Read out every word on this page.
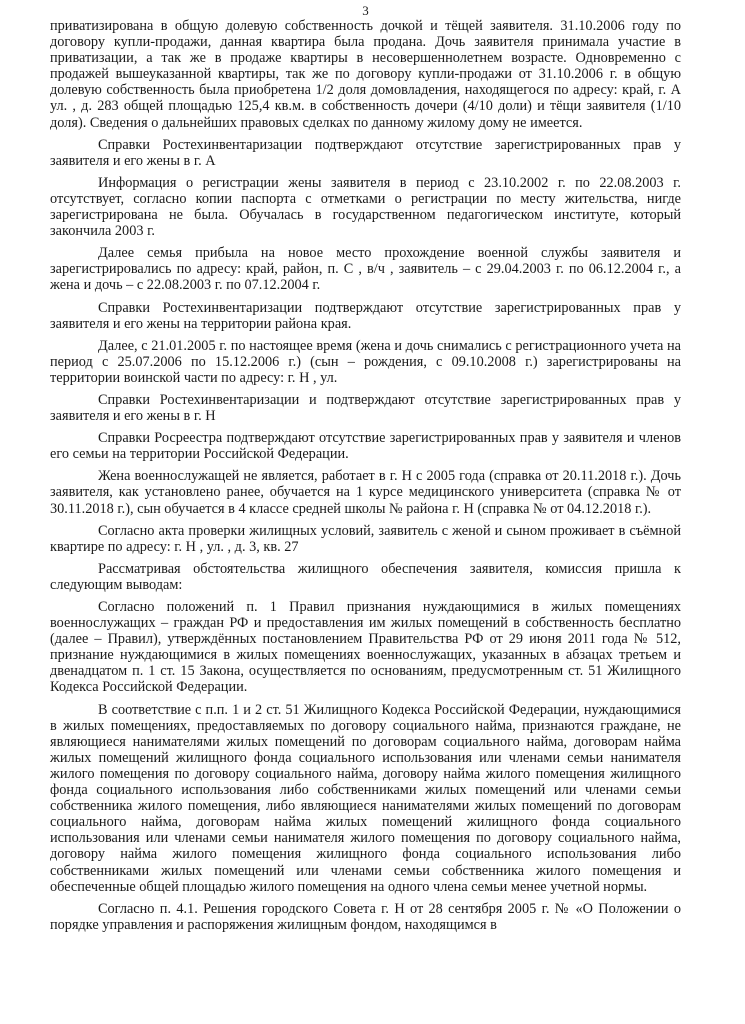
3

приватизирована в общую долевую собственность дочкой и тёщей заявителя. 31.10.2006 году по договору купли-продажи, данная квартира была продана. Дочь заявителя принимала участие в приватизации, а так же в продаже квартиры в несовершеннолетнем возрасте. Одновременно с продажей вышеуказанной квартиры, так же по договору купли-продажи от 31.10.2006 г. в общую долевую собственность была приобретена 1/2 доля домовладения, находящегося по адресу: край, г. А ул. , д. 283 общей площадью 125,4 кв.м. в собственность дочери (4/10 доли) и тёщи заявителя (1/10 доля). Сведения о дальнейших правовых сделках по данному жилому дому не имеется.

Справки Ростехинвентаризации подтверждают отсутствие зарегистрированных прав у заявителя и его жены в г. А

Информация о регистрации жены заявителя в период с 23.10.2002 г. по 22.08.2003 г. отсутствует, согласно копии паспорта с отметками о регистрации по месту жительства, нигде зарегистрирована не была. Обучалась в государственном педагогическом институте, который закончила 2003 г.

Далее семья прибыла на новое место прохождение военной службы заявителя и зарегистрировались по адресу: край, район, п. С , в/ч , заявитель – с 29.04.2003 г. по 06.12.2004 г., а жена и дочь – с 22.08.2003 г. по 07.12.2004 г.

Справки Ростехинвентаризации подтверждают отсутствие зарегистрированных прав у заявителя и его жены на территории района края.

Далее, с 21.01.2005 г. по настоящее время (жена и дочь снимались с регистрационного учета на период с 25.07.2006 по 15.12.2006 г.) (сын – рождения, с 09.10.2008 г.) зарегистрированы на территории воинской части по адресу: г. Н , ул.

Справки Ростехинвентаризации и подтверждают отсутствие зарегистрированных прав у заявителя и его жены в г. Н

Справки Росреестра подтверждают отсутствие зарегистрированных прав у заявителя и членов его семьи на территории Российской Федерации.

Жена военнослужащей не является, работает в г. Н с 2005 года (справка от 20.11.2018 г.). Дочь заявителя, как установлено ранее, обучается на 1 курсе медицинского университета (справка № от 30.11.2018 г.), сын обучается в 4 классе средней школы № района г. Н (справка № от 04.12.2018 г.).

Согласно акта проверки жилищных условий, заявитель с женой и сыном проживает в съёмной квартире по адресу: г. Н , ул. , д. 3, кв. 27

Рассматривая обстоятельства жилищного обеспечения заявителя, комиссия пришла к следующим выводам:

Согласно положений п. 1 Правил признания нуждающимися в жилых помещениях военнослужащих – граждан РФ и предоставления им жилых помещений в собственность бесплатно (далее – Правил), утверждённых постановлением Правительства РФ от 29 июня 2011 года № 512, признание нуждающимися в жилых помещениях военнослужащих, указанных в абзацах третьем и двенадцатом п. 1 ст. 15 Закона, осуществляется по основаниям, предусмотренным ст. 51 Жилищного Кодекса Российской Федерации.

В соответствие с п.п. 1 и 2 ст. 51 Жилищного Кодекса Российской Федерации, нуждающимися в жилых помещениях, предоставляемых по договору социального найма, признаются граждане, не являющиеся нанимателями жилых помещений по договорам социального найма, договорам найма жилых помещений жилищного фонда социального использования или членами семьи нанимателя жилого помещения по договору социального найма, договору найма жилого помещения жилищного фонда социального использования либо собственниками жилых помещений или членами семьи собственника жилого помещения, либо являющиеся нанимателями жилых помещений по договорам социального найма, договорам найма жилых помещений жилищного фонда социального использования или членами семьи нанимателя жилого помещения по договору социального найма, договору найма жилого помещения жилищного фонда социального использования либо собственниками жилых помещений или членами семьи собственника жилого помещения и обеспеченные общей площадью жилого помещения на одного члена семьи менее учетной нормы.

Согласно п. 4.1. Решения городского Совета г. Н от 28 сентября 2005 г. № «О Положении о порядке управления и распоряжения жилищным фондом, находящимся в
